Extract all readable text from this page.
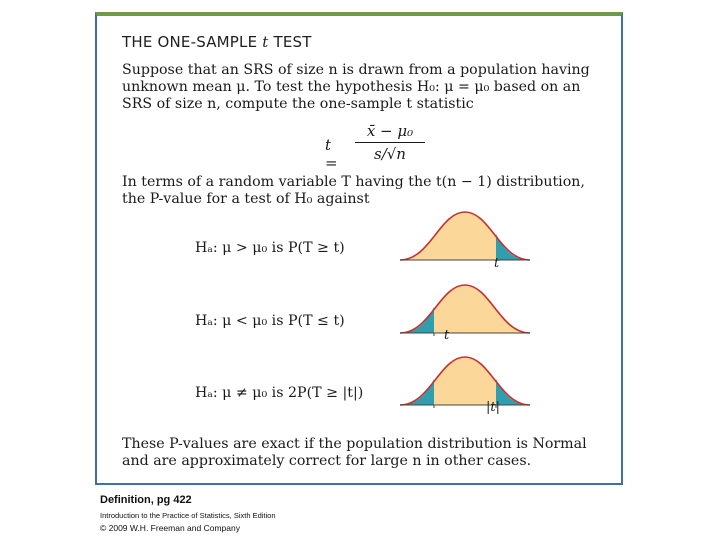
THE ONE-SAMPLE t TEST
Suppose that an SRS of size n is drawn from a population having unknown mean μ. To test the hypothesis H₀: μ = μ₀ based on an SRS of size n, compute the one-sample t statistic
t =
x̄ − μ₀
s/√n
In terms of a random variable T having the t(n − 1) distribution, the P-value for a test of H₀ against
Hₐ: μ > μ₀ is P(T ≥ t)
Hₐ: μ < μ₀ is P(T ≤ t)
Hₐ: μ ≠ μ₀ is 2P(T ≥ |t|)
t
t
|t|
These P-values are exact if the population distribution is Normal and are approximately correct for large n in other cases.
Definition, pg 422
Introduction to the Practice of Statistics, Sixth Edition
© 2009 W.H. Freeman and Company
